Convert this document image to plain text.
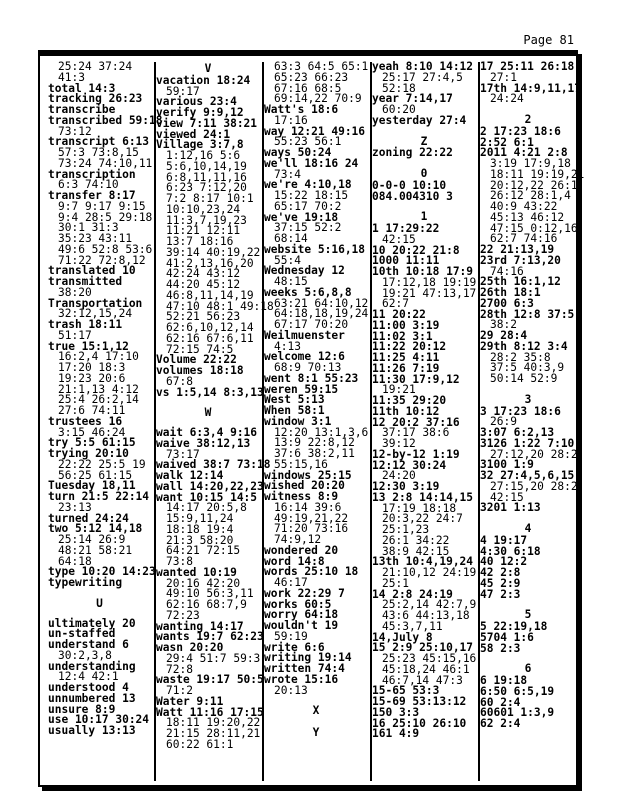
Page 81
25:24 37:24
41:3
total 14:3
tracking 26:23
transcribe
transcribed 59:18
73:12
transcript 6:13
57:3 73:8,15
73:24 74:10,11
transcription
6:3 74:10
transfer 8:17
9:7 9:17 9:15
9:4 28:5 29:18
30:1 31:3
35:23 43:11
49:6 52:8 53:6
71:22 72:8,12
translated 10
transmitted
38:20
Transportation
32:12,15,24
trash 18:11
51:17
true 15:1,12
16:2,4 17:10
17:20 18:3
19:23 20:6
21:1,13 4:12
25:4 26:2,14
27:6 74:11
trustees 16
3:15 46:24
try 5:5 61:15
trying 20:10
22:22 25:5 19
56:25 61:15
Tuesday 18,11
turn 21:5 22:14
23:13
turned 24:24
two 5:12 14,18
25:14 26:9
48:21 58:21
64:18
type 10:20 14:23
typewriting
U
ultimately 20
un-staffed
understand 6
30:2,3,8
understanding
12:4 42:1
understood 4
unnumbered 13
unsure 8:9
use 10:17 30:24
usually 13:13
V
vacation 18:24
59:17
various 23:4
verify 9:9,12
view 7:11 38:21
viewed 24:1
Village 3:7,8
1:12,16 5:6
5:6,10,14,19
6:8,11,11,16
6:23 7:12,20
7:2 8:17 10:1
10:10,23,24
11:3,7,19,23
11:21 12:11
13:7 18:16
39:14 40:19,22
41:2,13,16,20
42:24 43:12
44:20 45:12
46:8,11,14,19
47:10 48:1 49:18
52:21 56:23
62:6,10,12,14
62:16 67:6,11
72:15 74:5
Volume 22:22
volumes 18:18
67:8
vs 1:5,14 8:3,13
W
wait 6:3,4 9:16
waive 38:12,13
73:17
waived 38:7 73:18
walk 12:14
wall 14:20,22,23
want 10:15 14:5
14:17 20:5,8
15:9,11,24
18:18 19:4
21:3 58:20
64:21 72:15
73:8
wanted 10:19
20:16 42:20
49:10 56:3,11
62:16 68:7,9
72:23
wanting 14:17
wants 19:7 62:23
wasn 20:20
29:4 51:7 59:3
72:8
waste 19:17 50:5
71:2
Water 9:11
Watt 11:16 17:15
18:11 19:20,22
21:15 28:11,21
60:22 61:1
63:3 64:5 65:1
65:23 66:23
67:16 68:5
69:14,22 70:9
Watt's 18:6
17:16
way 12:21 49:16
55:23 56:1
ways 50:24
we'll 18:16 24
73:4
we're 4:10,18
15:22 18:15
65:17 70:2
we've 19:18
37:15 52:2
68:14
website 5:16,18
55:4
Wednesday 12
48:15
weeks 5:6,8,8
63:21 64:10,12
64:18,18,19,24
67:17 70:20
Weilmuenster
4:13
welcome 12:6
68:9 70:13
went 8:1 55:23
weren 59:15
West 5:13
When 58:1
window 3:1
12:20 13:1,3,6
13:9 22:8,12
37:6 38:2,11
55:15,16
windows 25:15
wished 20:20
witness 8:9
16:14 39:6
49:19,21,22
71:20 73:16
74:9,12
wondered 20
word 14:8
words 25:10 18
46:17
work 22:29 7
works 60:5
worry 64:18
wouldn't 19
59:19
write 6:6
writing 19:14
written 74:4
wrote 15:16
20:13
X
Y
yeah 8:10 14:12
25:17 27:4,5
52:18
year 7:14,17
60:20
yesterday 27:4
Z
zoning 22:22
0
0-0-0 10:10
084.004310 3
1
1 17:29:22
42:15
10 20:22 21:8
1000 11:11
10th 10:18 17:9
17:12,18 19:19
19:21 47:13,17
62:7
11 20:22
11:00 3:19
11:02 3:1
11:22 20:12
11:25 4:11
11:26 7:19
11:30 17:9,12
19:21
11:35 29:20
11th 10:12
12 20:2 37:16
37:17 38:6
39:12
12-by-12 1:19
12:12 30:24
24:20
12:30 3:19
13 2:8 14:14,15
17:19 18:18
20:3,22 24:7
25:1,23
26:1 34:22
38:9 42:15
13th 10:4,19,24
21:10,12 24:19
25:1
14 2:8 24:19
25:2,14 42:7,9
43:6 44:13,18
45:3,7,11
14,July 8
15 2:9 25:10,17
25:23 45:15,16
45:18,24 46:1
46:7,14 47:3
15-65 53:3
15-69 53:13:12
150 3:3
16 25:10 26:10
161 4:9
17 25:11 26:18
27:1
17th 14:9,11,17
24:24
2
2 17:23 18:6
2:52 6:1
2011 4:21 2:8
3:19 17:9,18
18:11 19:19,21
20:12,22 26:1
26:12 28:1,4
40:9 43:22
45:13 46:12
47:15 0:12,16
62:7 74:16
22 21:13,19
23rd 7:13,20
74:16
25th 16:1,12
26th 18:1
2700 6:3
28th 12:8 37:5
38:2
29 28:4
29th 8:12 3:4
28:2 35:8
37:5 40:3,9
50:14 52:9
3
3 17:23 18:6
26:9
3:07 6:2,13
3126 1:22 7:10
27:12,20 28:2
3100 1:9
32 27:4,5,6,15
27:15,20 28:2
42:15
3201 1:13
4
4 19:17
4:30 6:18
40 12:2
42 2:8
45 2:9
47 2:3
5
5 22:19,18
5704 1:6
58 2:3
6
6 19:18
6:50 6:5,19
60 2:4
60601 1:3,9
62 2:4
